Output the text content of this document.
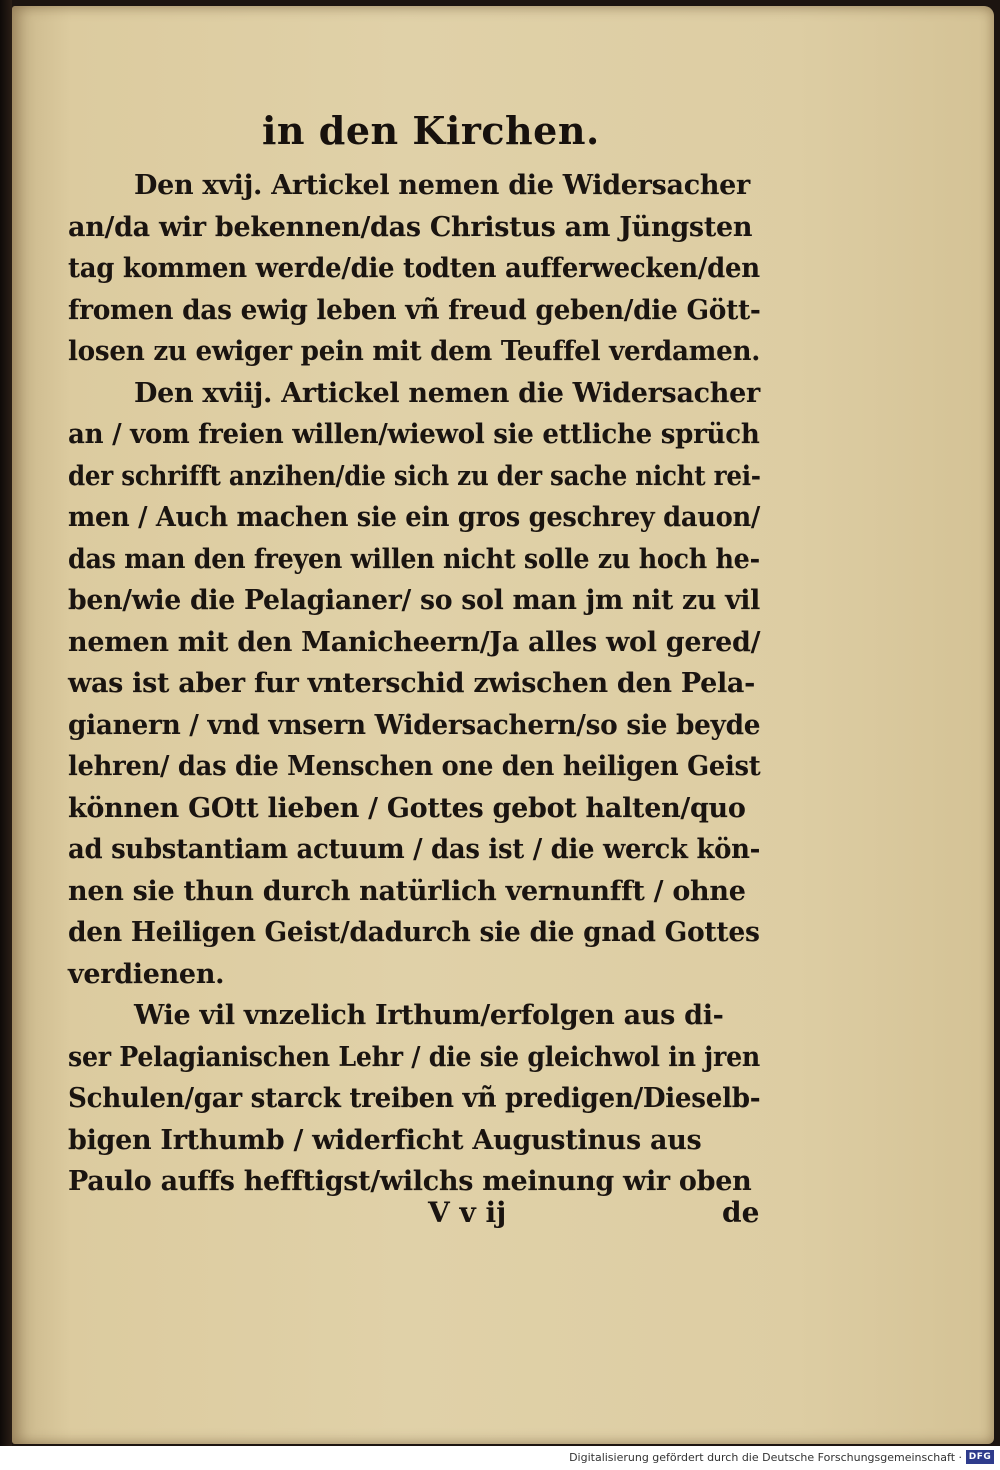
in den Kirchen.
Den xvij. Artickel nemen die Widersacher
an/da wir bekennen/das Christus am Jüngsten
tag kommen werde/die todten aufferwecken/den
fromen das ewig leben vñ freud geben/die Gött-
losen zu ewiger pein mit dem Teuffel verdamen.
Den xviij. Artickel nemen die Widersacher
an / vom freien willen/wiewol sie ettliche sprüch
der schrifft anzihen/die sich zu der sache nicht rei-
men / Auch machen sie ein gros geschrey dauon/
das man den freyen willen nicht solle zu hoch he-
ben/wie die Pelagianer/ so sol man jm nit zu vil
nemen mit den Manicheern/Ja alles wol gered/
was ist aber fur vnterschid zwischen den Pela-
gianern / vnd vnsern Widersachern/so sie beyde
lehren/ das die Menschen one den heiligen Geist
können GOtt lieben / Gottes gebot halten/quo
ad substantiam actuum / das ist / die werck kön-
nen sie thun durch natürlich vernunfft / ohne
den Heiligen Geist/dadurch sie die gnad Gottes
verdienen.
Wie vil vnzelich Irthum/erfolgen aus di-
ser Pelagianischen Lehr / die sie gleichwol in jren
Schulen/gar starck treiben vñ predigen/Dieselb-
bigen Irthumb / widerficht Augustinus aus
Paulo auffs hefftigst/wilchs meinung wir oben
V v ij	de
Digitalisierung gefördert durch die Deutsche Forschungsgemeinschaft · DFG
